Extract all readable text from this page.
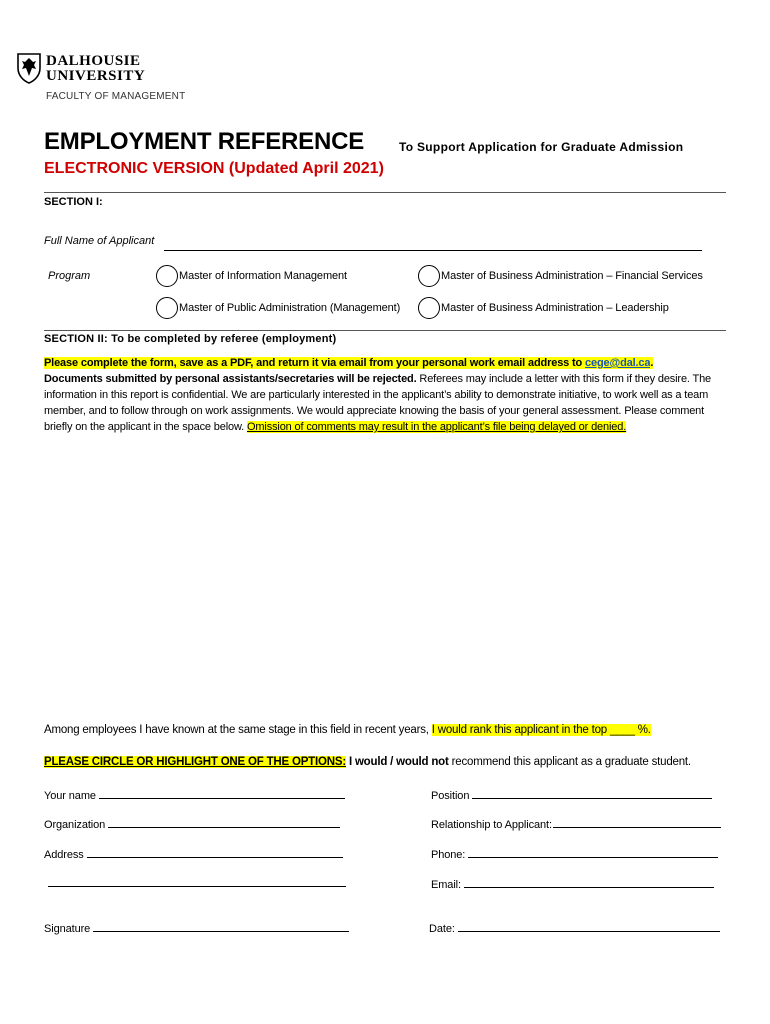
DALHOUSIE
UNIVERSITY
FACULTY OF MANAGEMENT
EMPLOYMENT REFERENCE	To Support Application for Graduate Admission
ELECTRONIC VERSION (Updated April 2021)
SECTION I:
Full Name of Applicant
Program	Master of Information Management	Master of Business Administration – Financial Services
Master of Public Administration (Management)	Master of Business Administration – Leadership
SECTION II: To be completed by referee (employment)
Please complete the form, save as a PDF, and return it via email from your personal work email address to cege@dal.ca.
Documents submitted by personal assistants/secretaries will be rejected. Referees may include a letter with this form if they desire. The information in this report is confidential. We are particularly interested in the applicant’s ability to demonstrate initiative, to work well as a team member, and to follow through on work assignments. We would appreciate knowing the basis of your general assessment. Please comment briefly on the applicant in the space below. Omission of comments may result in the applicant’s file being delayed or denied.
Among employees I have known at the same stage in this field in recent years, I would rank this applicant in the top ____ %.
PLEASE CIRCLE OR HIGHLIGHT ONE OF THE OPTIONS: I would / would not recommend this applicant as a graduate student.
Your name	Position
Organization	Relationship to Applicant:
Address	Phone:
Email:
Signature	Date:
